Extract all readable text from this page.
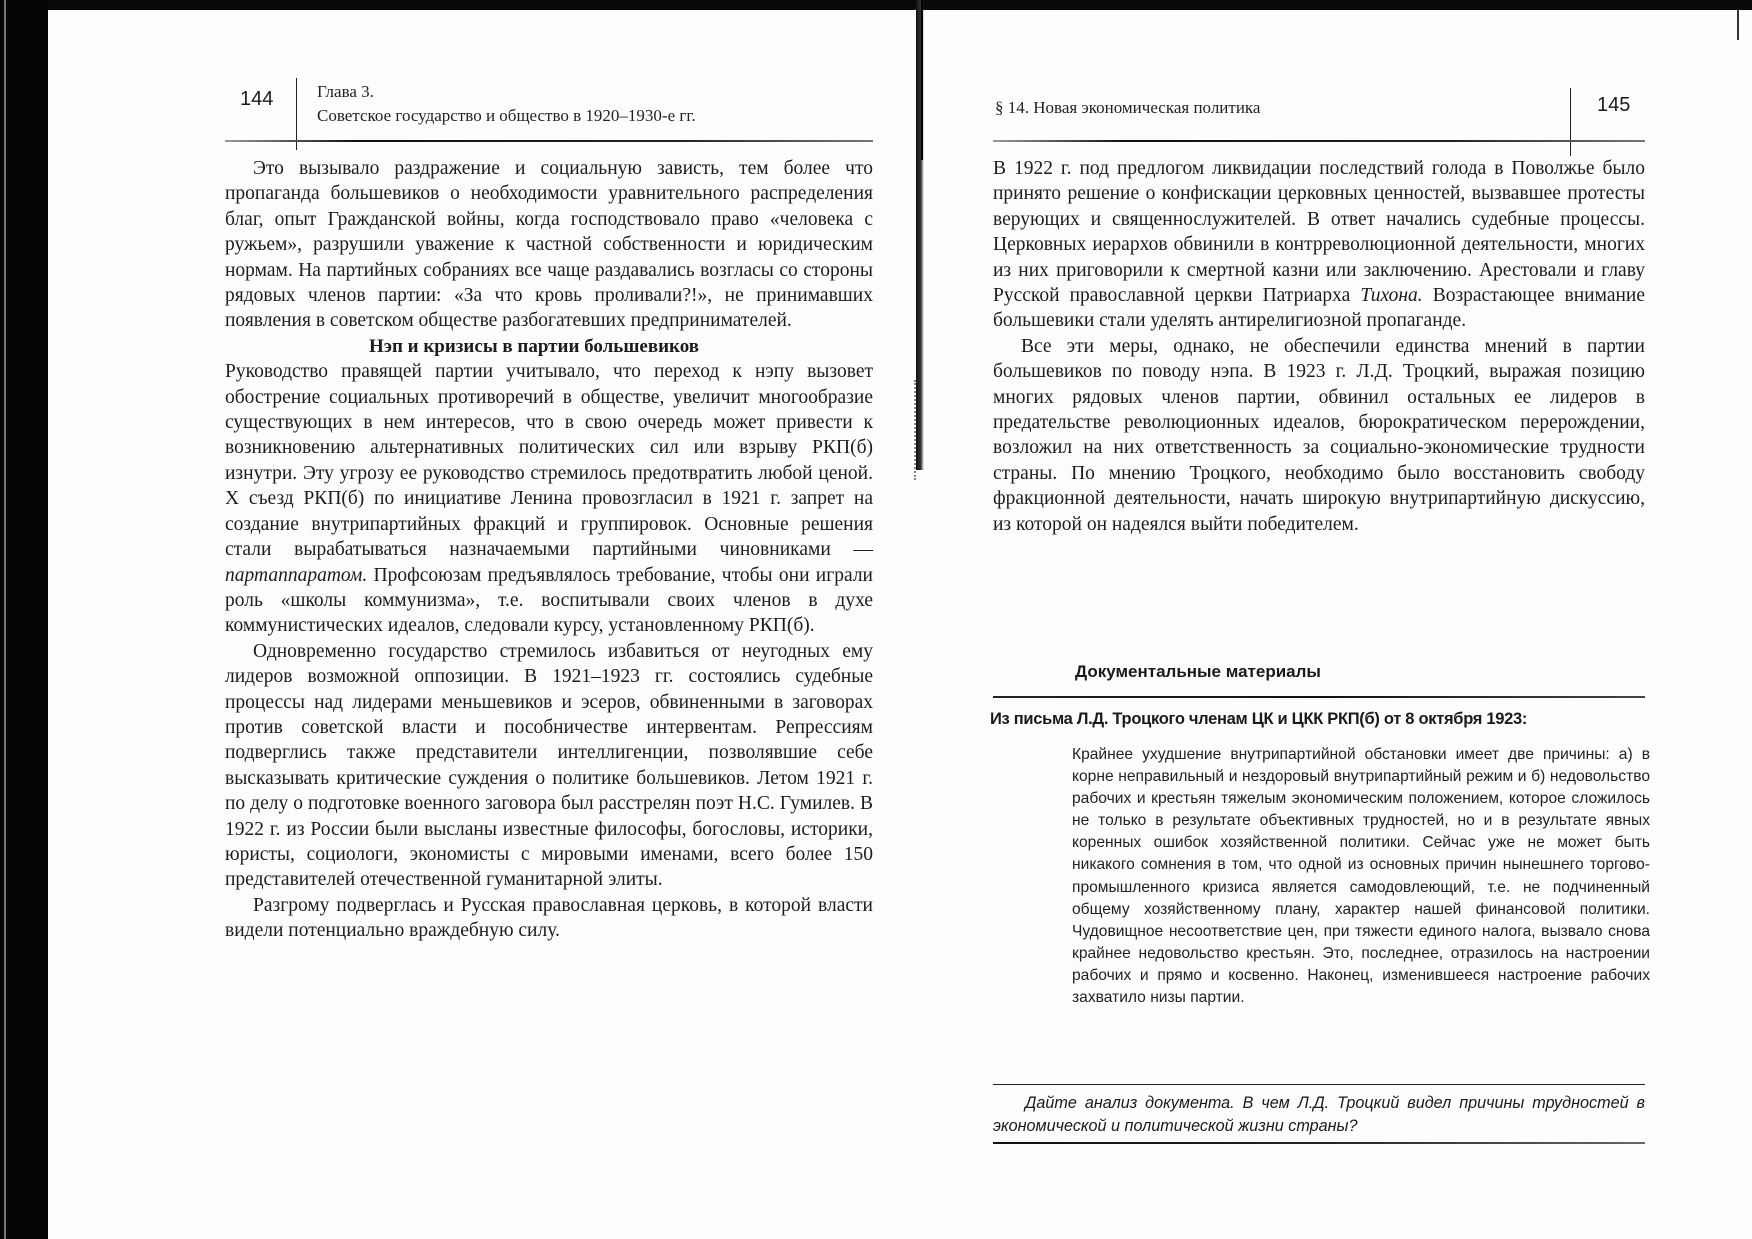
144	Глава 3.
Советское государство и общество в 1920–1930-е гг.

Это вызывало раздражение и социальную зависть, тем более что пропаганда большевиков о необходимости уравнительного распределения благ, опыт Гражданской войны, когда господствовало право «человека с ружьем», разрушили уважение к частной собственности и юридическим нормам. На партийных собраниях все чаще раздавались возгласы со стороны рядовых членов партии: «За что кровь проливали?!», не принимавших появления в советском обществе разбогатевших предпринимателей.

Нэп и кризисы в партии большевиков

Руководство правящей партии учитывало, что переход к нэпу вызовет обострение социальных противоречий в обществе, увеличит многообразие существующих в нем интересов, что в свою очередь может привести к возникновению альтернативных политических сил или взрыву РКП(б) изнутри. Эту угрозу ее руководство стремилось предотвратить любой ценой. X съезд РКП(б) по инициативе Ленина провозгласил в 1921 г. запрет на создание внутрипартийных фракций и группировок. Основные решения стали вырабатываться назначаемыми партийными чиновниками — партаппаратом. Профсоюзам предъявлялось требование, чтобы они играли роль «школы коммунизма», т.е. воспитывали своих членов в духе коммунистических идеалов, следовали курсу, установленному РКП(б).

Одновременно государство стремилось избавиться от неугодных ему лидеров возможной оппозиции. В 1921–1923 гг. состоялись судебные процессы над лидерами меньшевиков и эсеров, обвиненными в заговорах против советской власти и пособничестве интервентам. Репрессиям подверглись также представители интеллигенции, позволявшие себе высказывать критические суждения о политике большевиков. Летом 1921 г. по делу о подготовке военного заговора был расстрелян поэт Н.С. Гумилев. В 1922 г. из России были высланы известные философы, богословы, историки, юристы, социологи, экономисты с мировыми именами, всего более 150 представителей отечественной гуманитарной элиты.

Разгрому подверглась и Русская православная церковь, в которой власти видели потенциально враждебную силу.

§ 14. Новая экономическая политика	145

В 1922 г. под предлогом ликвидации последствий голода в Поволжье было принято решение о конфискации церковных ценностей, вызвавшее протесты верующих и священнослужителей. В ответ начались судебные процессы. Церковных иерархов обвинили в контрреволюционной деятельности, многих из них приговорили к смертной казни или заключению. Арестовали и главу Русской православной церкви Патриарха Тихона. Возрастающее внимание большевики стали уделять антирелигиозной пропаганде.

Все эти меры, однако, не обеспечили единства мнений в партии большевиков по поводу нэпа. В 1923 г. Л.Д. Троцкий, выражая позицию многих рядовых членов партии, обвинил остальных ее лидеров в предательстве революционных идеалов, бюрократическом перерождении, возложил на них ответственность за социально-экономические трудности страны. По мнению Троцкого, необходимо было восстановить свободу фракционной деятельности, начать широкую внутрипартийную дискуссию, из которой он надеялся выйти победителем.

Документальные материалы
Из письма Л.Д. Троцкого членам ЦК и ЦКК РКП(б) от 8 октября 1923:
Крайнее ухудшение внутрипартийной обстановки имеет две причины: а) в корне неправильный и нездоровый внутрипартийный режим и б) недовольство рабочих и крестьян тяжелым экономическим положением, которое сложилось не только в результате объективных трудностей, но и в результате явных коренных ошибок хозяйственной политики. Сейчас уже не может быть никакого сомнения в том, что одной из основных причин нынешнего торгово-промышленного кризиса является самодовлеющий, т.е. не подчиненный общему хозяйственному плану, характер нашей финансовой политики. Чудовищное несоответствие цен, при тяжести единого налога, вызвало снова крайнее недовольство крестьян. Это, последнее, отразилось на настроении рабочих и прямо и косвенно. Наконец, изменившееся настроение рабочих захватило низы партии.
Дайте анализ документа. В чем Л.Д. Троцкий видел причины трудностей в экономической и политической жизни страны?
